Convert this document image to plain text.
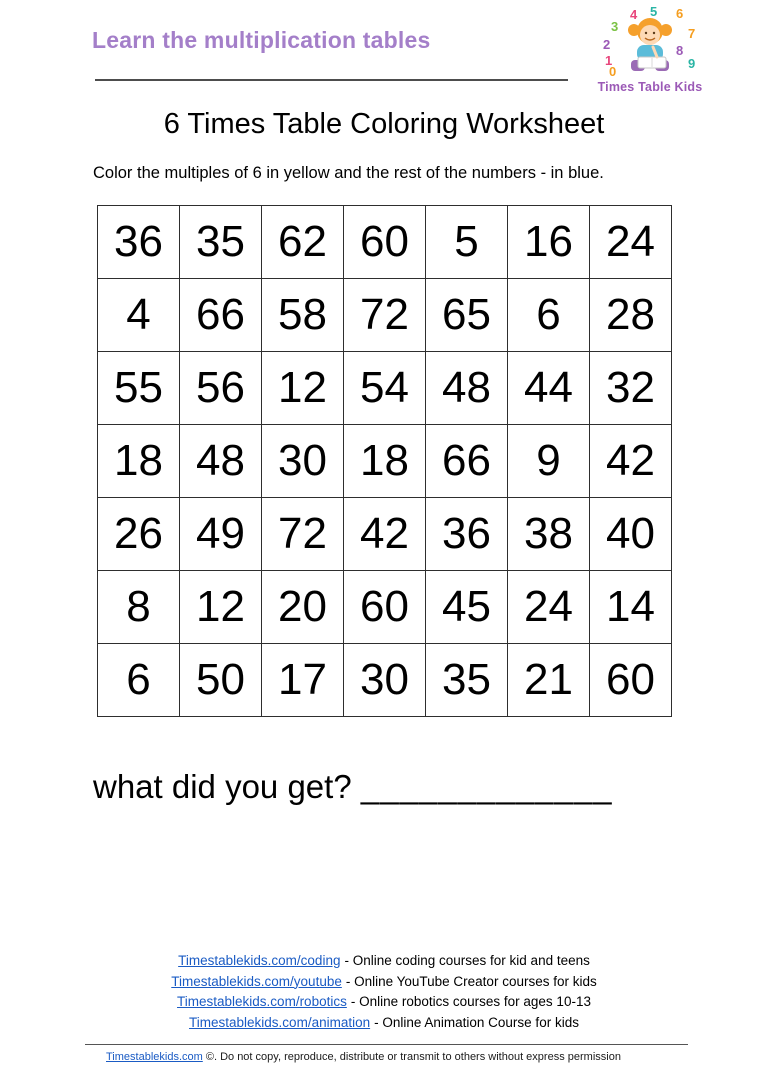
Learn the multiplication tables
4 5 6
3
2
7
1
8
9
0
Times Table Kids
6 Times Table Coloring Worksheet
Color the multiples of 6 in yellow and the rest of the numbers - in blue.
36	35	62	60	5	16	24
4	66	58	72	65	6	28
55	56	12	54	48	44	32
18	48	30	18	66	9	42
26	49	72	42	36	38	40
8	12	20	60	45	24	14
6	50	17	30	35	21	60
what did you get? _____________
Timestablekids.com/coding - Online coding courses for kid and teens
Timestablekids.com/youtube - Online YouTube Creator courses for kids
Timestablekids.com/robotics - Online robotics courses for ages 10-13
Timestablekids.com/animation - Online Animation Course for kids
Timestablekids.com ©. Do not copy, reproduce, distribute or transmit to others without express permission
